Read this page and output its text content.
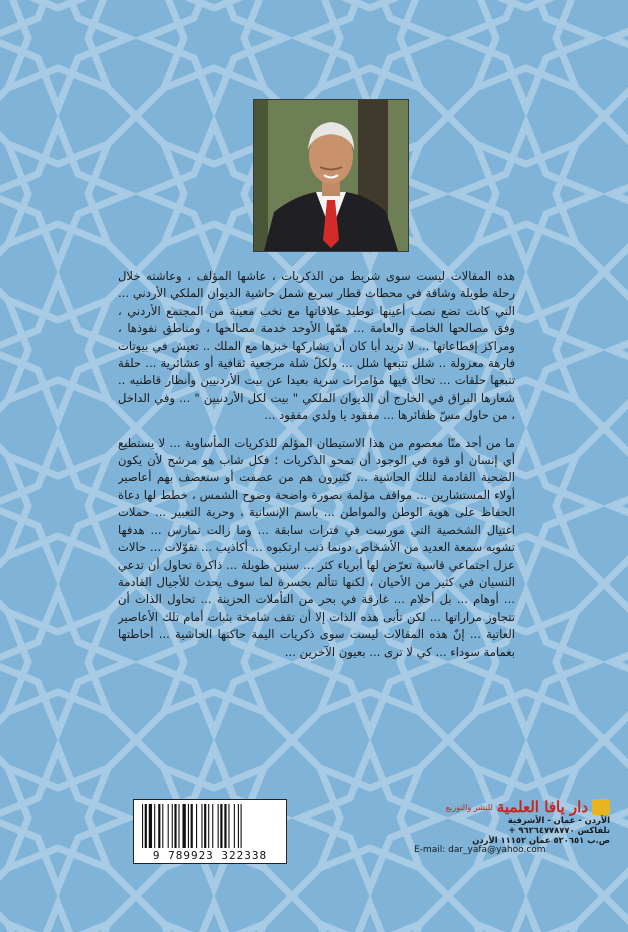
هذه المقالات ليست سوى شريط من الذكريات ، عاشها المؤلف ، وعاشته خلال رحلة طويلة وشاقة في محطات قطار سريع شمل حاشية الديوان الملكي الأردني ... التي كانت تضع نصب أعينها توطيد علاقاتها مع نخب معينة من المجتمع الأردني ، وفق مصالحها الخاصة والعامة ... همّها الأوحد خدمة مصالحها ، ومناطق نفوذها ، ومراكز إقطاعاتها ... لا تريد أبا كان أن يشاركها خبزها مع الملك .. تعيش في بيوتات فارهة معزولة .. شلل تتبعها شلل ... ولكلّ شلة مرجعية ثقافية أو عشائرية ... حلقة تتبعها حلقات ... تحاك فيها مؤامرات سرية بعيدا عن بيت الأردنيين وأنظار قاطنيه .. شعارها البراق في الخارج أن الديوان الملكي " بيت لكل الأردنيين " ... وفي الداخل ، من حاول مسّ ظفائرها ... مفقود يا ولدي مفقود ...

ما من أحد منّا معصوم من هذا الاستيطان المؤلم للذكريات المأساوية ... لا يستطيع أي إنسان أو قوة في الوجود أن تمحو الذكريات ؛ فكل شاب هو مرشح لأن يكون الضحية القادمة لتلك الحاشية ... كثيرون هم من عصفت أو ستعصف بهم أعاصير أولاء المستشارين ... مواقف مؤلمة بصورة واضحة وضوح الشمس ، خطط لها دعاة الحفاظ على هوية الوطن والمواطن ... باسم الإنسانية ، وحرية التعبير ... حملات اغتيال الشخصية التي مورست في فترات سابقة ... وما زالت تمارس ... هدفها تشويه سمعة العديد من الأشخاص دونما ذنب ارتكبوه ... أكاذيب ... تقوّلات ... حالات عزل اجتماعي قاسية تعرّض لها أبرياء كثر ... سنين طويلة ... ذاكرة تحاول أن تدعي النسيان في كثير من الأحيان ، لكنها تتألم بحسرة لما سوف يحدث للأجيال القادمة ... أوهام ... بل أحلام ... غارقة في بحر من التأملات الحزينة ... تحاول الذات أن تتجاوز مراراتها ... لكن تأبى هذه الذات إلا أن تقف شامخة بثبات أمام تلك الأعاصير العاتية ... إنّ هذه المقالات ليست سوى ذكريات اليمة حاكتها الحاشية ... أحاطتها بغمامة سوداء ... كي لا ترى ... بعيون الآخرين ...

9 789923 322338
دار يافا العلمية
للنشر والتوزيع
الأردن - عمان - الأشرفية
تلفاكس ٩٦٢٦٤٧٧٨٧٧٠ +
ص.ب ٥٢٠٦٥١ عمان ١١١٥٢ الأردن
E-mail: dar_yafa@yahoo.com
